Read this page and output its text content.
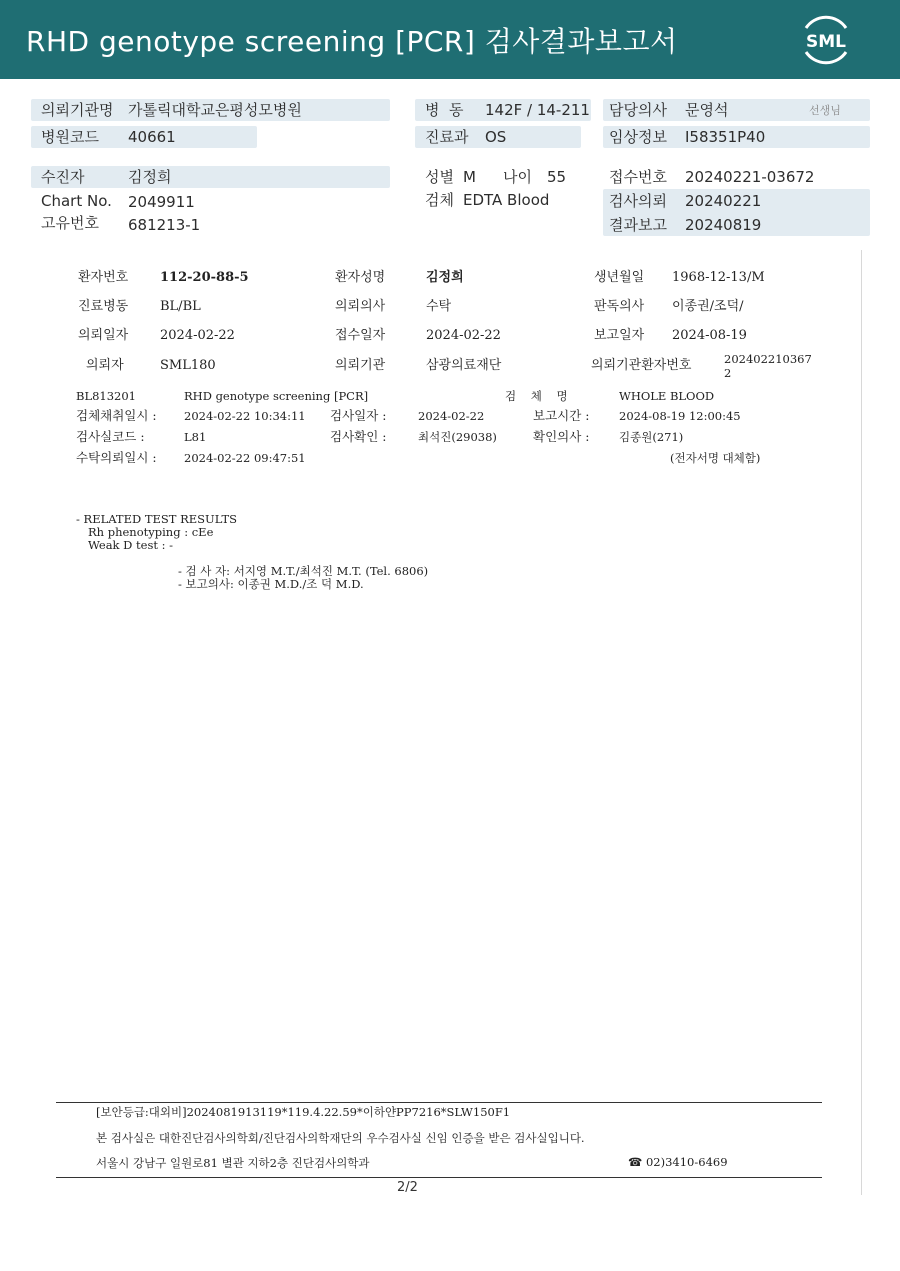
RHD genotype screening [PCR] 검사결과보고서	SML
의뢰기관명 가톨릭대학교은평성모병원
병원코드 40661
병  동 142F / 14-211
진료과 OS
담당의사 문영석	선생님
임상정보 I58351P40
수진자	김정희
Chart No. 2049911
고유번호 681213-1
성별 M 나이 55
검체 EDTA Blood
접수번호 20240221-03672
검사의뢰 20240221
결과보고 20240819
환자번호 112-20-88-5	환자성명	김정희	생년월일 1968-12-13/M
진료병동 BL/BL	의뢰의사	수탁	판독의사 이종권/조덕/
의뢰일자 2024-02-22	접수일자	2024-02-22	보고일자 2024-08-19
의뢰자	SML180	의뢰기관	삼광의료재단	의뢰기관환자번호	202402210367
2
BL813201	RHD genotype screening [PCR]	검    체    명	WHOLE BLOOD
검체채취일시 : 2024-02-22 10:34:11 검사일자 :	2024-02-22	보고시간 :	2024-08-19 12:00:45
검사실코드 :	L81	검사확인 :	최석진(29038)	확인의사 :	김종원(271)
수탁의뢰일시 : 2024-02-22 09:47:51	(전자서명 대체함)
- RELATED TEST RESULTS
Rh phenotyping : cEe
Weak D test : -
- 검 사 자: 서지영 M.T./최석진 M.T. (Tel. 6806)
- 보고의사: 이종권 M.D./조 덕 M.D.
[보안등급:대외비]2024081913119*119.4.22.59*이하얀PP7216*SLW150F1
본 검사실은 대한진단검사의학회/진단검사의학재단의 우수검사실 신임 인증을 받은 검사실입니다.
서울시 강남구 일원로81 별관 지하2층 진단검사의학과	☎ 02)3410-6469
2/2
